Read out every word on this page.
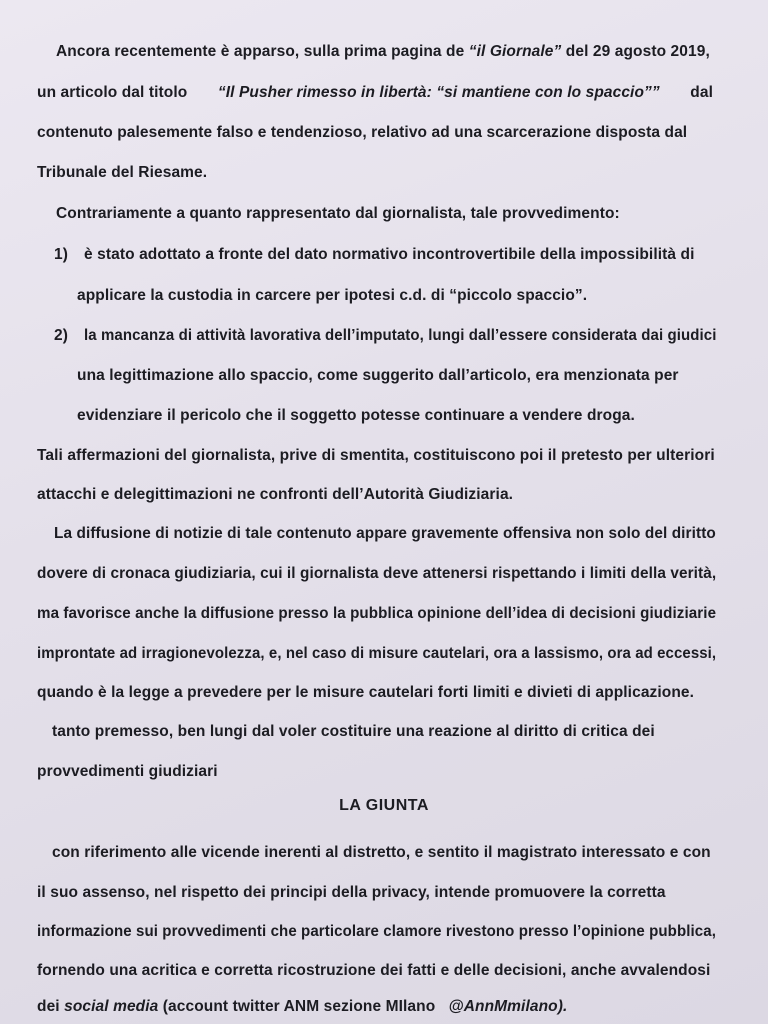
Ancora recentemente è apparso, sulla prima pagina de “il Giornale” del 29 agosto 2019,
un articolo dal titolo “Il Pusher rimesso in libertà: “si mantiene con lo spaccio”” dal
contenuto palesemente falso e tendenzioso, relativo ad una scarcerazione disposta dal
Tribunale del Riesame.
Contrariamente a quanto rappresentato dal giornalista, tale provvedimento:
1) è stato adottato a fronte del dato normativo incontrovertibile della impossibilità di
applicare la custodia in carcere per ipotesi c.d. di “piccolo spaccio”.
2) la mancanza di attività lavorativa dell’imputato, lungi dall’essere considerata dai giudici
una legittimazione allo spaccio, come suggerito dall’articolo, era menzionata per
evidenziare il pericolo che il soggetto potesse continuare a vendere droga.
Tali affermazioni del giornalista, prive di smentita, costituiscono poi il pretesto per ulteriori
attacchi e delegittimazioni ne confronti dell’Autorità Giudiziaria.
La diffusione di notizie di tale contenuto appare gravemente offensiva non solo del diritto
dovere di cronaca giudiziaria, cui il giornalista deve attenersi rispettando i limiti della verità,
ma favorisce anche la diffusione presso la pubblica opinione dell’idea di decisioni giudiziarie
improntate ad irragionevolezza, e, nel caso di misure cautelari, ora a lassismo, ora ad eccessi,
quando è la legge a prevedere per le misure cautelari forti limiti e divieti di applicazione.
tanto premesso, ben lungi dal voler costituire una reazione al diritto di critica dei
provvedimenti giudiziari
LA GIUNTA
con riferimento alle vicende inerenti al distretto, e sentito il magistrato interessato e con
il suo assenso, nel rispetto dei principi della privacy, intende promuovere la corretta
informazione sui provvedimenti che particolare clamore rivestono presso l’opinione pubblica,
fornendo una acritica e corretta ricostruzione dei fatti e delle decisioni, anche avvalendosi
dei social media (account twitter ANM sezione MIlano @AnnMmilano).
